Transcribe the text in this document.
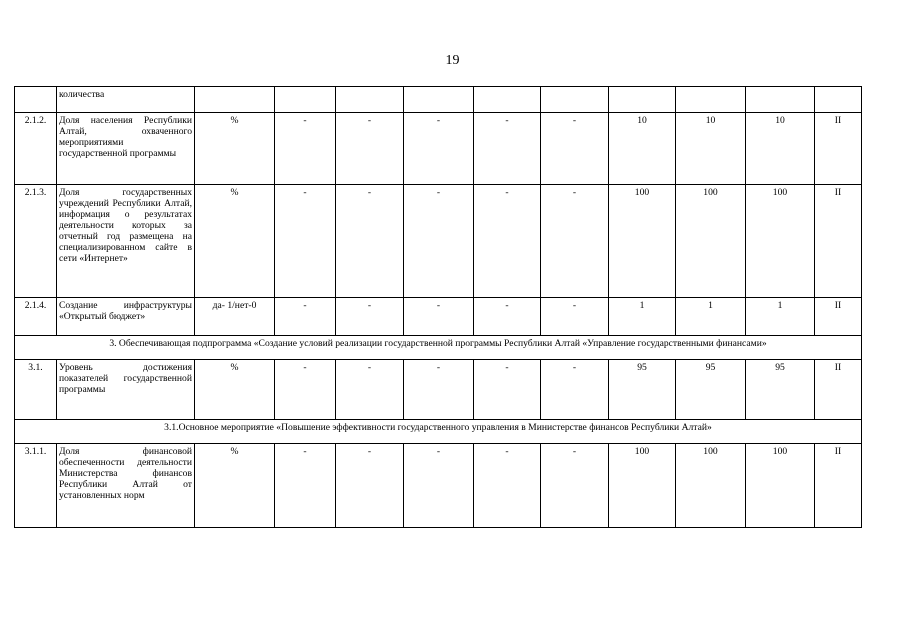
19
	количества										
2.1.2.	Доля населения Республики Алтай, охваченного мероприятиями государственной программы	%	-	-	-	-	-	10	10	10	II
2.1.3.	Доля государственных учреждений Республики Алтай, информация о результатах деятельности которых за отчетный год размещена на специализированном сайте в сети «Интернет»	%	-	-	-	-	-	100	100	100	II
2.1.4.	Создание инфраструктуры «Открытый бюджет»	да- 1/нет-0	-	-	-	-	-	1	1	1	II
3. Обеспечивающая подпрограмма «Создание условий реализации государственной программы Республики Алтай «Управление государственными финансами»											
3.1.	Уровень достижения показателей государственной программы	%	-	-	-	-	-	95	95	95	II
3.1.Основное мероприятие «Повышение эффективности государственного управления в Министерстве финансов Республики Алтай»											
3.1.1.	Доля финансовой обеспеченности деятельности Министерства финансов Республики Алтай от установленных норм	%	-	-	-	-	-	100	100	100	II
